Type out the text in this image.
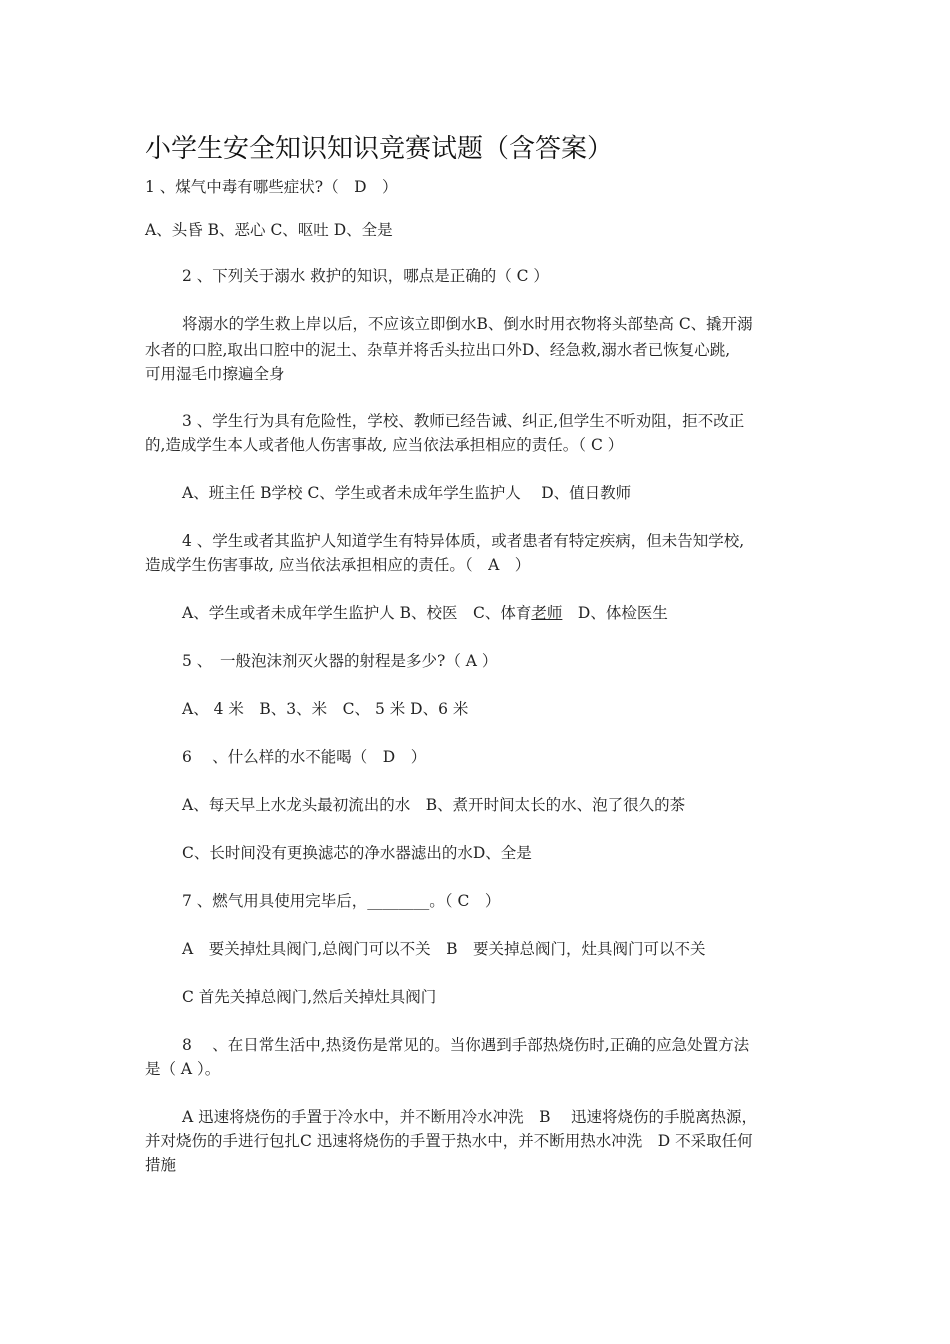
小学生安全知识知识竞赛试题（含答案）
1 、煤气中毒有哪些症状?（　D　）
A、头昏 B、恶心 C、呕吐 D、全是
2 、下列关于溺水 救护的知识，哪点是正确的（ C ）
将溺水的学生救上岸以后，不应该立即倒水B、倒水时用衣物将头部垫高 C、撬开溺
水者的口腔,取出口腔中的泥土、杂草并将舌头拉出口外D、经急救,溺水者已恢复心跳,
可用湿毛巾擦遍全身
3 、学生行为具有危险性，学校、教师已经告诫、纠正,但学生不听劝阻，拒不改正
的,造成学生本人或者他人伤害事故, 应当依法承担相应的责任。（ C ）
A、班主任 B学校 C、学生或者未成年学生监护人　 D、值日教师
4 、学生或者其监护人知道学生有特异体质，或者患者有特定疾病，但未告知学校,
造成学生伤害事故, 应当依法承担相应的责任。（　A　）
A、学生或者未成年学生监护人 B、校医　C、体育老师　D、体检医生
5 、　一般泡沫剂灭火器的射程是多少?（ A ）
A、 4 米　B、3、米　C、 5 米 D、6 米
6 　、什么样的水不能喝（　D　）
A、每天早上水龙头最初流出的水　B、煮开时间太长的水、泡了很久的茶
C、长时间没有更换滤芯的净水器滤出的水D、全是
7 、燃气用具使用完毕后，________。（ C　）
A　要关掉灶具阀门,总阀门可以不关　B　要关掉总阀门，灶具阀门可以不关
C 首先关掉总阀门,然后关掉灶具阀门
8　 、在日常生活中,热烫伤是常见的。当你遇到手部热烧伤时,正确的应急处置方法
是（ A ）。
A 迅速将烧伤的手置于冷水中，并不断用冷水冲洗　B　 迅速将烧伤的手脱离热源，
并对烧伤的手进行包扎C 迅速将烧伤的手置于热水中，并不断用热水冲洗　D 不采取任何
措施
